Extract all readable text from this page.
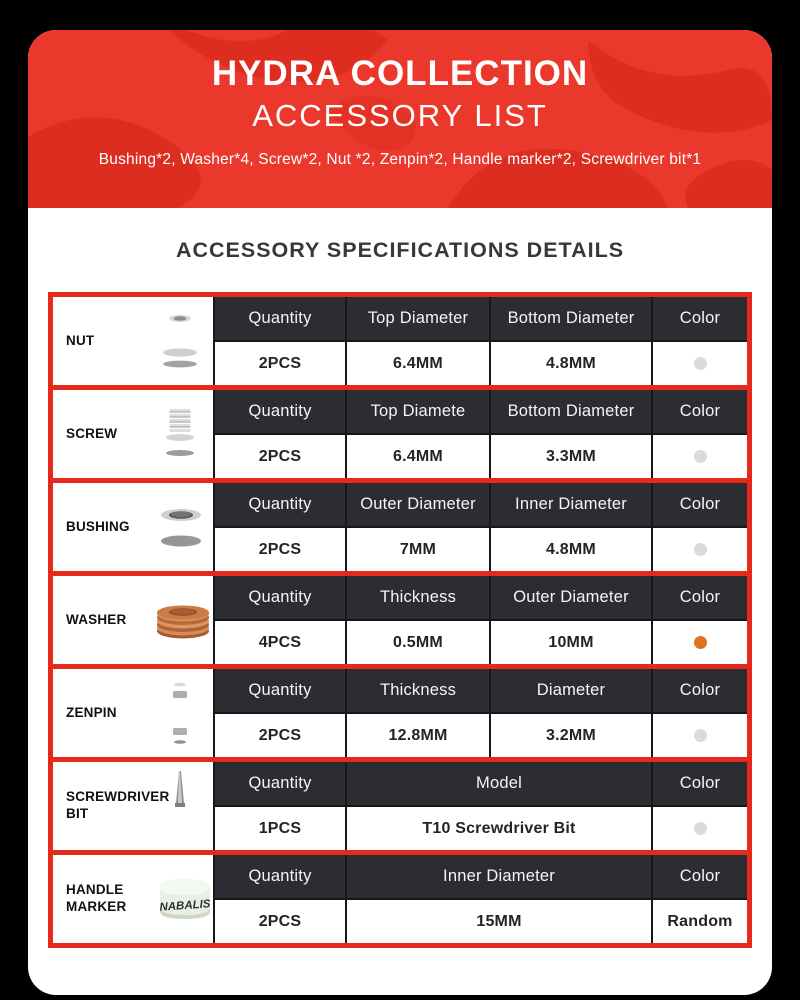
HYDRA COLLECTION
ACCESSORY LIST
Bushing*2, Washer*4, Screw*2, Nut *2, Zenpin*2, Handle marker*2, Screwdriver bit*1
ACCESSORY SPECIFICATIONS DETAILS
NUT
Quantity	Top Diameter	Bottom Diameter	Color
2PCS	6.4MM	4.8MM
SCREW
Quantity	Top Diamete	Bottom Diameter	Color
2PCS	6.4MM	3.3MM
BUSHING
Quantity	Outer Diameter	Inner Diameter	Color
2PCS	7MM	4.8MM
WASHER
Quantity	Thickness	Outer Diameter	Color
4PCS	0.5MM	10MM
ZENPIN
Quantity	Thickness	Diameter	Color
2PCS	12.8MM	3.2MM
SCREWDRIVER BIT
Quantity	Model	Color
1PCS	T10 Screwdriver Bit
HANDLE MARKER	NABALIS
Quantity	Inner Diameter	Color
2PCS	15MM	Random
